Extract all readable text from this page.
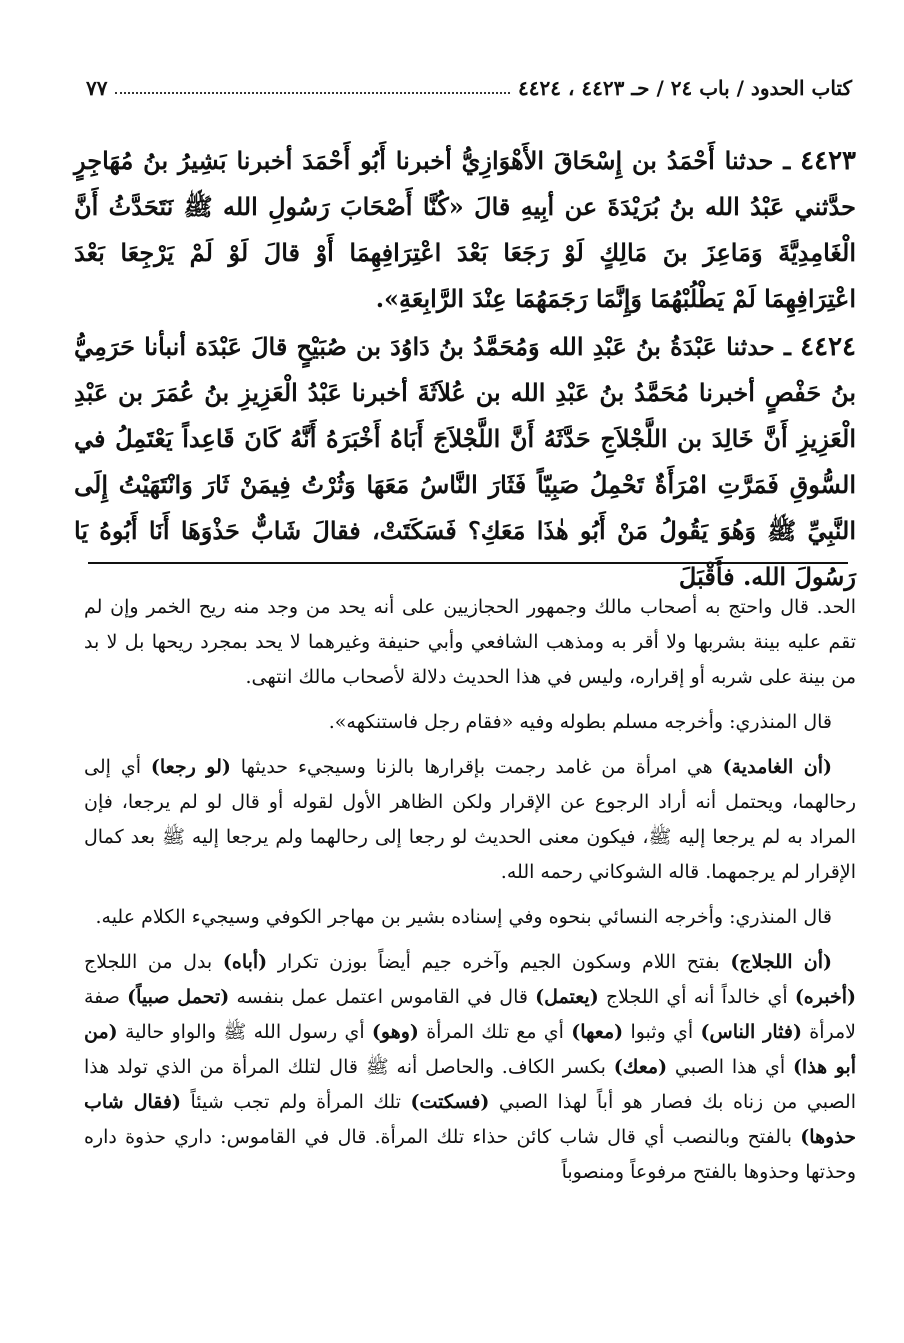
٧٧	كتاب الحدود / باب ٢٤ / حـ ٤٤٢٣ ، ٤٤٢٤
٤٤٢٣ ـ حدثنا أَحْمَدُ بن إِسْحَاقَ الأَهْوَازِيُّ أخبرنا أَبُو أَحْمَدَ أخبرنا بَشِيرُ بنُ مُهَاجِرٍ حدَّثني عَبْدُ الله بنُ بُرَيْدَةَ عن أبِيهِ قالَ «كُنَّا أَصْحَابَ رَسُولِ الله ﷺ نَتَحَدَّثُ أَنَّ الْغَامِدِيَّةَ وَمَاعِزَ بنَ مَالِكٍ لَوْ رَجَعَا بَعْدَ اعْتِرَافِهِمَا أَوْ قالَ لَوْ لَمْ يَرْجِعَا بَعْدَ اعْتِرَافِهِمَا لَمْ يَطْلُبْهُمَا وَإِنَّمَا رَجَمَهُمَا عِنْدَ الرَّابِعَةِ».
٤٤٢٤ ـ حدثنا عَبْدَةُ بنُ عَبْدِ الله وَمُحَمَّدُ بنُ دَاوُدَ بن صُبَيْحٍ قالَ عَبْدَة أنبأنا حَرَمِيُّ بنُ حَفْصٍ أخبرنا مُحَمَّدُ بنُ عَبْدِ الله بن عُلاَثَةَ أخبرنا عَبْدُ الْعَزِيزِ بنُ عُمَرَ بن عَبْدِ الْعَزِيزِ أَنَّ خَالِدَ بن اللَّجْلاَجِ حَدَّثَهُ أَنَّ اللَّجْلاَجَ أَبَاهُ أَخْبَرَهُ أَنَّهُ كَانَ قَاعِداً يَعْتَمِلُ في السُّوقِ فَمَرَّتِ امْرَأَةٌ تَحْمِلُ صَبِيّاً فَثَارَ النَّاسُ مَعَهَا وَثُرْتُ فِيمَنْ ثَارَ وَانْتَهَيْتُ إِلَى النَّبِيِّ ﷺ وَهُوَ يَقُولُ مَنْ أَبُو هٰذَا مَعَكِ؟ فَسَكَتَتْ، فقالَ شَابٌّ حَذْوَهَا أَنَا أَبُوهُ يَا رَسُولَ الله. فأَقْبَلَ

الحد. قال واحتج به أصحاب مالك وجمهور الحجازيين على أنه يحد من وجد منه ريح الخمر وإن لم تقم عليه بينة بشربها ولا أقر به ومذهب الشافعي وأبي حنيفة وغيرهما لا يحد بمجرد ريحها بل لا بد من بينة على شربه أو إقراره، وليس في هذا الحديث دلالة لأصحاب مالك انتهى.

قال المنذري: وأخرجه مسلم بطوله وفيه «فقام رجل فاستنكهه».

(أن الغامدية) هي امرأة من غامد رجمت بإقرارها بالزنا وسيجيء حديثها (لو رجعا) أي إلى رحالهما، ويحتمل أنه أراد الرجوع عن الإقرار ولكن الظاهر الأول لقوله أو قال لو لم يرجعا، فإن المراد به لم يرجعا إليه ﷺ، فيكون معنى الحديث لو رجعا إلى رحالهما ولم يرجعا إليه ﷺ بعد كمال الإقرار لم يرجمهما. قاله الشوكاني رحمه الله.

قال المنذري: وأخرجه النسائي بنحوه وفي إسناده بشير بن مهاجر الكوفي وسيجيء الكلام عليه.

(أن اللجلاج) بفتح اللام وسكون الجيم وآخره جيم أيضاً بوزن تكرار (أباه) بدل من اللجلاج (أخبره) أي خالداً أنه أي اللجلاج (يعتمل) قال في القاموس اعتمل عمل بنفسه (تحمل صبياً) صفة لامرأة (فثار الناس) أي وثبوا (معها) أي مع تلك المرأة (وهو) أي رسول الله ﷺ والواو حالية (من أبو هذا) أي هذا الصبي (معك) بكسر الكاف. والحاصل أنه ﷺ قال لتلك المرأة من الذي تولد هذا الصبي من زناه بك فصار هو أباً لهذا الصبي (فسكتت) تلك المرأة ولم تجب شيئاً (فقال شاب حذوها) بالفتح وبالنصب أي قال شاب كائن حذاء تلك المرأة. قال في القاموس: داري حذوة داره وحذتها وحذوها بالفتح مرفوعاً ومنصوباً
